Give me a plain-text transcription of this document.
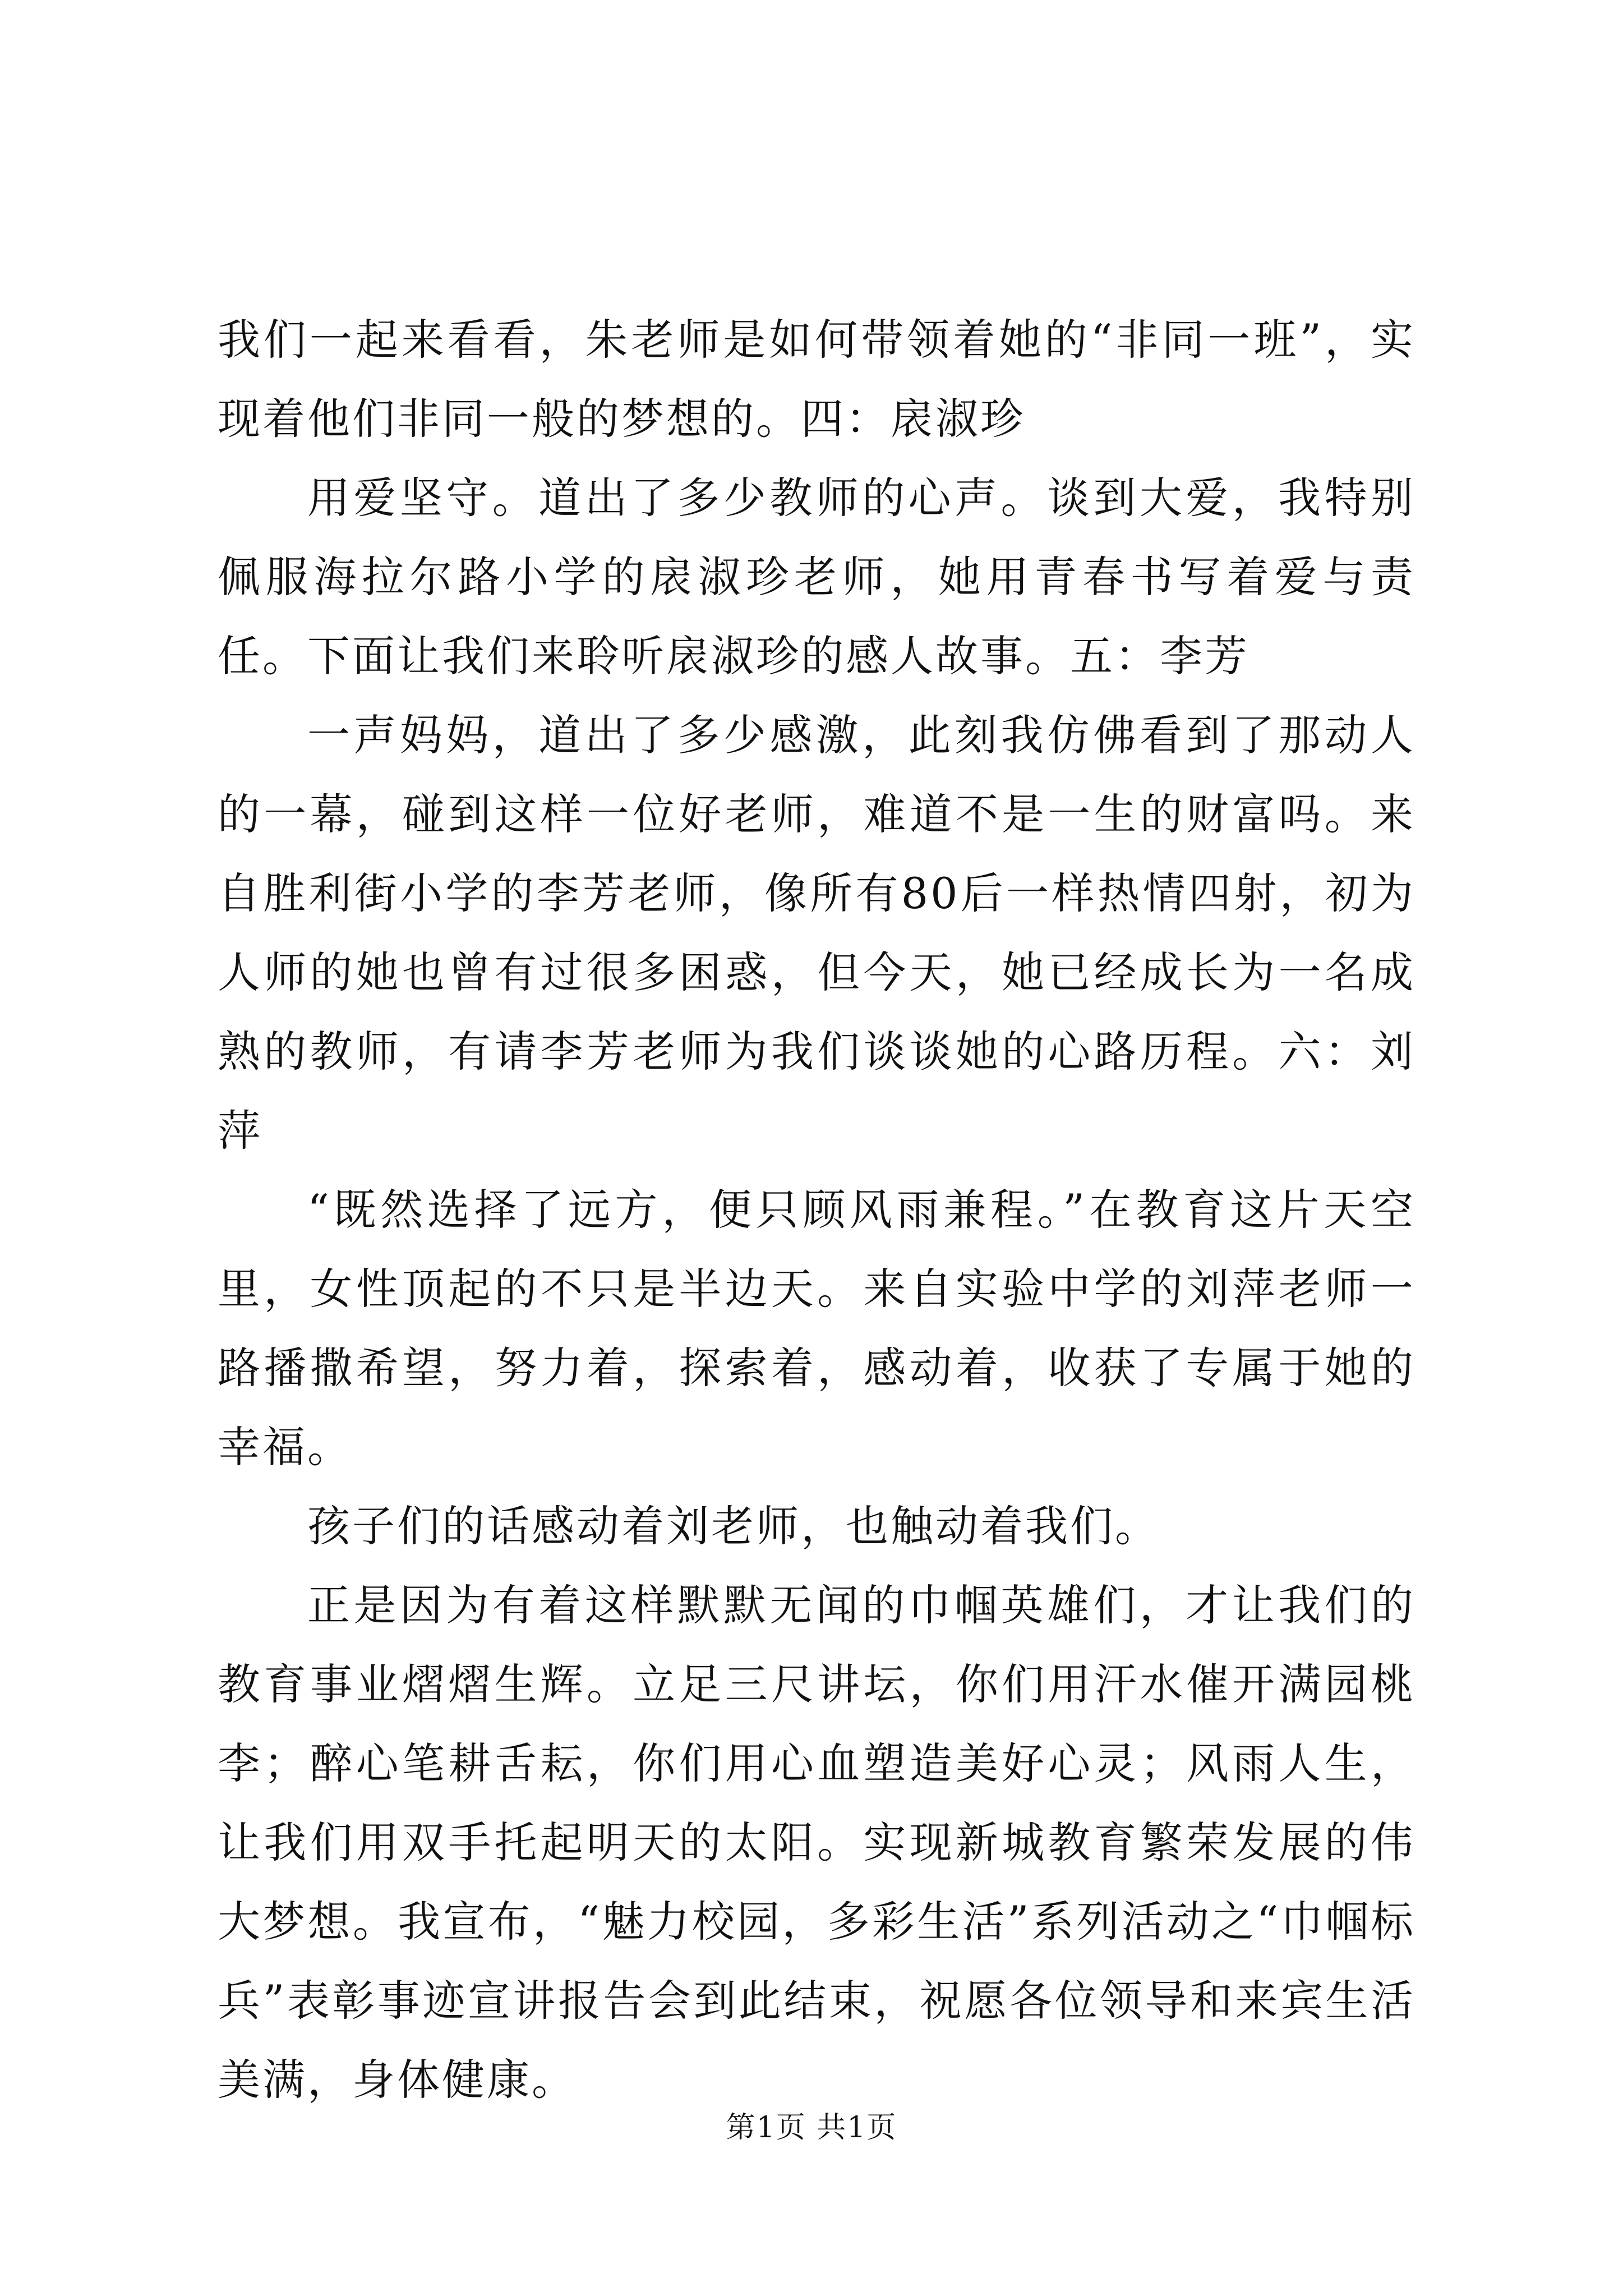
我们一起来看看，朱老师是如何带领着她的“非同一班”，实现着他们非同一般的梦想的。四：扆淑珍

用爱坚守。道出了多少教师的心声。谈到大爱，我特别佩服海拉尔路小学的扆淑珍老师，她用青春书写着爱与责任。下面让我们来聆听扆淑珍的感人故事。五：李芳

一声妈妈，道出了多少感激，此刻我仿佛看到了那动人的一幕，碰到这样一位好老师，难道不是一生的财富吗。来自胜利街小学的李芳老师，像所有80后一样热情四射，初为人师的她也曾有过很多困惑，但今天，她已经成长为一名成熟的教师，有请李芳老师为我们谈谈她的心路历程。六：刘萍

“既然选择了远方，便只顾风雨兼程。”在教育这片天空里，女性顶起的不只是半边天。来自实验中学的刘萍老师一路播撒希望，努力着，探索着，感动着，收获了专属于她的幸福。

孩子们的话感动着刘老师，也触动着我们。

正是因为有着这样默默无闻的巾帼英雄们，才让我们的教育事业熠熠生辉。立足三尺讲坛，你们用汗水催开满园桃李；醉心笔耕舌耘，你们用心血塑造美好心灵；风雨人生，让我们用双手托起明天的太阳。实现新城教育繁荣发展的伟大梦想。我宣布，“魅力校园，多彩生活”系列活动之“巾帼标兵”表彰事迹宣讲报告会到此结束，祝愿各位领导和来宾生活美满，身体健康。

第1页 共1页
